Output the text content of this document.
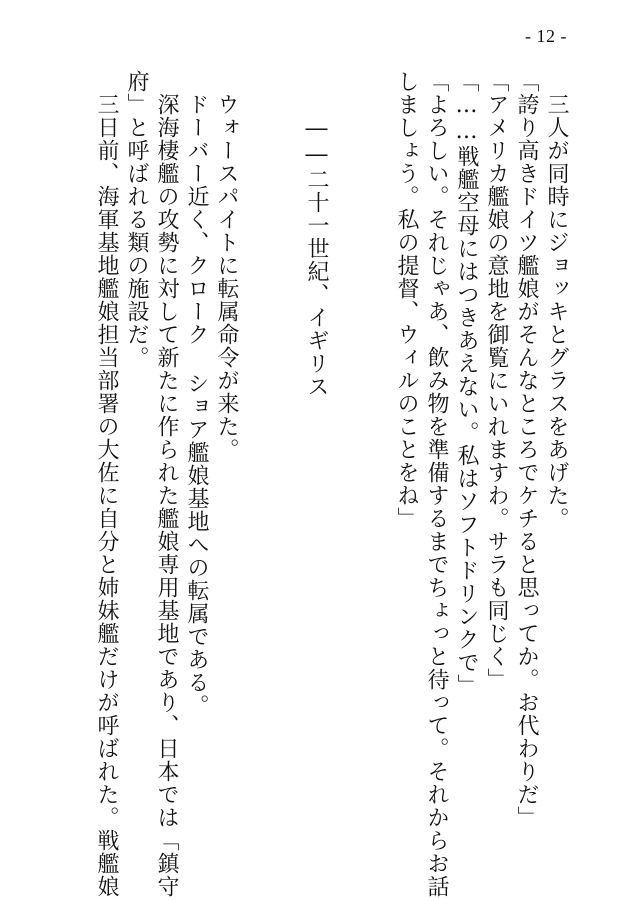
- 12 -
　三人が同時にジョッキとグラスをあげた。
「誇り高きドイツ艦娘がそんなところでケチると思ってか。お代わりだ」
「アメリカ艦娘の意地を御覧にいれますわ。サラも同じく」
「……戦艦空母にはつきあえない。私はソフトドリンクで」
「よろしい。それじゃあ、飲み物を準備するまでちょっと待って。それからお話
しましょう。私の提督、ウィルのことをね」
　　――二十一世紀、イギリス
　ウォースパイトに転属命令が来た。
　ドーバー近く、クローク ショア艦娘基地への転属である。
　深海棲艦の攻勢に対して新たに作られた艦娘専用基地であり、日本では「鎮守
府」と呼ばれる類の施設だ。
　三日前、海軍基地艦娘担当部署の大佐に自分と姉妹艦だけが呼ばれた。戦艦娘
